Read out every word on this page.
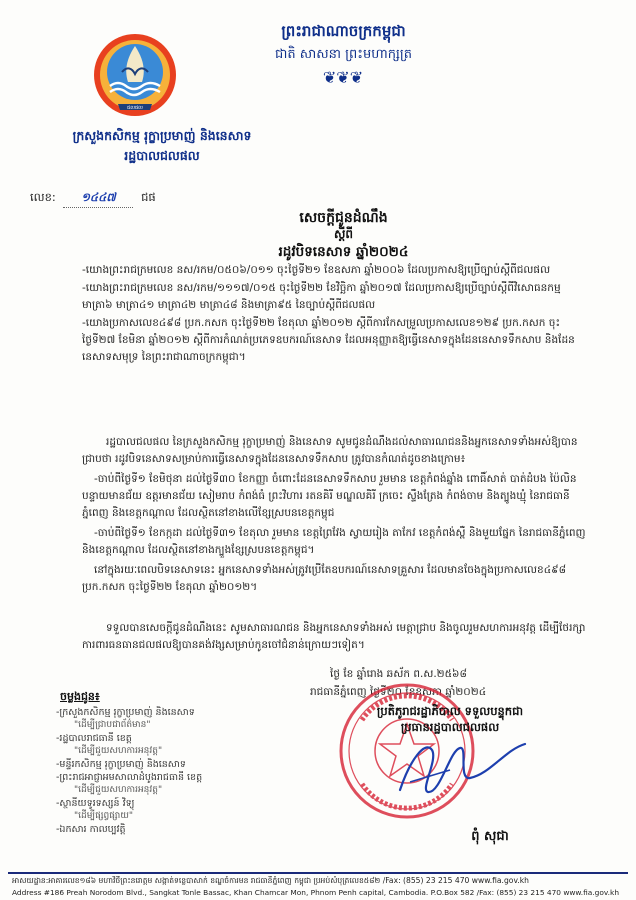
ជលផល
ព្រះរាជាណាចក្រកម្ពុជា
ជាតិ សាសនា ព្រះមហាក្សត្រ
❦❦❦
ក្រសួងកសិកម្ម រុក្ខាប្រមាញ់ និងនេសាទ
រដ្ឋបាលជលផល
លេខ: ១៤៤៧ ជផ
សេចក្តីជូនដំណឹង
ស្តីពី
រដូវបិទនេសាទ ឆ្នាំ២០២៤

-យោងព្រះរាជក្រមលេខ នស/រកម/០៥០៦/០១១ ចុះថ្ងៃទី២១ ខែឧសភា ឆ្នាំ២០០៦ ដែលប្រកាសឱ្យប្រើច្បាប់ស្តីពីជលផល

-យោងព្រះរាជក្រមលេខ នស/រកម/១១១៧/០១៥ ចុះថ្ងៃទី២២ ខែវិច្ឆិកា ឆ្នាំ២០១៧ ដែលប្រកាសឱ្យប្រើច្បាប់ស្តីពីវិសោធនកម្មមាត្រា៦ មាត្រា៤១ មាត្រា៤២ មាត្រា៤៨ និងមាត្រា៩៥ នៃច្បាប់ស្តីពីជលផល

-យោងប្រកាសលេខ៤៩៨ ប្រក.កសក ចុះថ្ងៃទី២២ ខែតុលា ឆ្នាំ២០១២ ស្តីពីការកែសម្រួលប្រកាសលេខ១២៩ ប្រក.កសក ចុះថ្ងៃទី២៧ ខែមិនា ឆ្នាំ២០១២ ស្តីពីការកំណត់ប្រភេទឧបករណ៍នេសាទ ដែលអនុញ្ញាតឱ្យធ្វើនេសាទក្នុងដែននេសាទទឹកសាប និងដែននេសាទសមុទ្រ នៃព្រះរាជាណាចក្រកម្ពុជា។

រដ្ឋបាលជលផល នៃក្រសួងកសិកម្ម រុក្ខាប្រមាញ់ និងនេសាទ សូមជូនដំណឹងដល់សាធារណជននិងអ្នកនេសាទទាំងអស់ឱ្យបានជ្រាបថា រដូវបិទនេសាទសម្រាប់ការធ្វើនេសាទក្នុងដែននេសាទទឹកសាប ត្រូវបានកំណត់ដូចខាងក្រោម៖

-ចាប់ពីថ្ងៃទី១ ខែមិថុនា ដល់ថ្ងៃទី៣០ ខែកញ្ញា ចំពោះដែននេសាទទឹកសាប រួមមាន ខេត្តកំពង់ឆ្នាំង ពោធិ៍សាត់ បាត់ដំបង ប៉ៃលិន បន្ទាយមានជ័យ ឧត្តរមានជ័យ សៀមរាប កំពង់ធំ ព្រះវិហារ រតនគិរី មណ្ឌលគិរី ក្រចេះ ស្ទឹងត្រែង កំពង់ចាម និងត្បូងឃ្មុំ នៃរាជធានីភ្នំពេញ និងខេត្តកណ្តាល ដែលស្ថិតនៅខាងលើខ្សែស្របនខេត្តកម្ពុជ

-ចាប់ពីថ្ងៃទី១ ខែកក្កដា ដល់ថ្ងៃទី៣១ ខែតុលា រួមមាន ខេត្តព្រៃវែង ស្វាយរៀង តាកែវ ខេត្តកំពង់ស្ពឺ និងមួយផ្នែក នៃរាជធានីភ្នំពេញ និងខេត្តកណ្តាល ដែលស្ថិតនៅខាងក្បួងខ្សែស្របនខេត្តកម្ពុជ។

នៅក្នុងរយៈពេលបិទនេសាទនេះ អ្នកនេសាទទាំងអស់ត្រូវប្រើតែឧបករណ៍នេសាទគ្រួសារ ដែលមានចែងក្នុងប្រកាសលេខ៤៩៨ ប្រក.កសក ចុះថ្ងៃទី២២ ខែតុលា ឆ្នាំ២០១២។

ទទួលបានសេចក្តីជូនដំណឹងនេះ សូមសាធារណជន និងអ្នកនេសាទទាំងអស់ មេត្តាជ្រាប និងចូលរួមសហការអនុវត្ត ដើម្បីថែរក្សាការពារធនធានជលផលឱ្យបានគង់វង្សសម្រាប់កូនចៅជំនាន់ក្រោយៗទៀត។
ថ្ងៃ ខែ ឆ្នាំរោង ឆស័ក ព.ស.២៥៦៨
រាជធានីភ្នំពេញ ថ្ងៃទី២០ ខែឧសភា ឆ្នាំ២០២៤
ប្រតិភូរាជរដ្ឋាភិបាល ទទួលបន្ទុកជា
ប្រធានរដ្ឋបាលជលផល
ពុំ សុជា
ចម្លងជូន៖
-ក្រសួងកសិកម្ម រុក្ខាប្រមាញ់ និងនេសាទ
"ដើម្បីជ្រាបជាព័ត៌មាន"
-រដ្ឋបាលរាជធានី ខេត្ត
"ដើម្បីជួយសហការអនុវត្ត"
-មន្ទីរកសិកម្ម រុក្ខាប្រមាញ់ និងនេសាទ
-ព្រះរាជអាជ្ញាអមសាលាដំបូងរាជធានី ខេត្ត
"ដើម្បីជួយសហការអនុវត្ត"
-ស្ថានីយទូរទស្សន៍ វិទ្យុ
"ដើម្បីផ្សព្វផ្សាយ"
-ឯកសារ កាលប្បវត្តិ
អាសយដ្ឋាន:អាគារលេខ១៨៦ មហាវិថីព្រះនរោត្តម សង្កាត់ទន្លេបាសាក់ ខណ្ឌចំការមន រាជធានីភ្នំពេញ កម្ពុជា ប្រអប់សំបុត្រលេខ៥៨២ /Fax: (855) 23 215 470 www.fia.gov.kh
Address #186 Preah Norodom Blvd., Sangkat Tonle Bassac, Khan Chamcar Mon, Phnom Penh capital, Cambodia. P.O.Box 582 /Fax: (855) 23 215 470 www.fia.gov.kh
